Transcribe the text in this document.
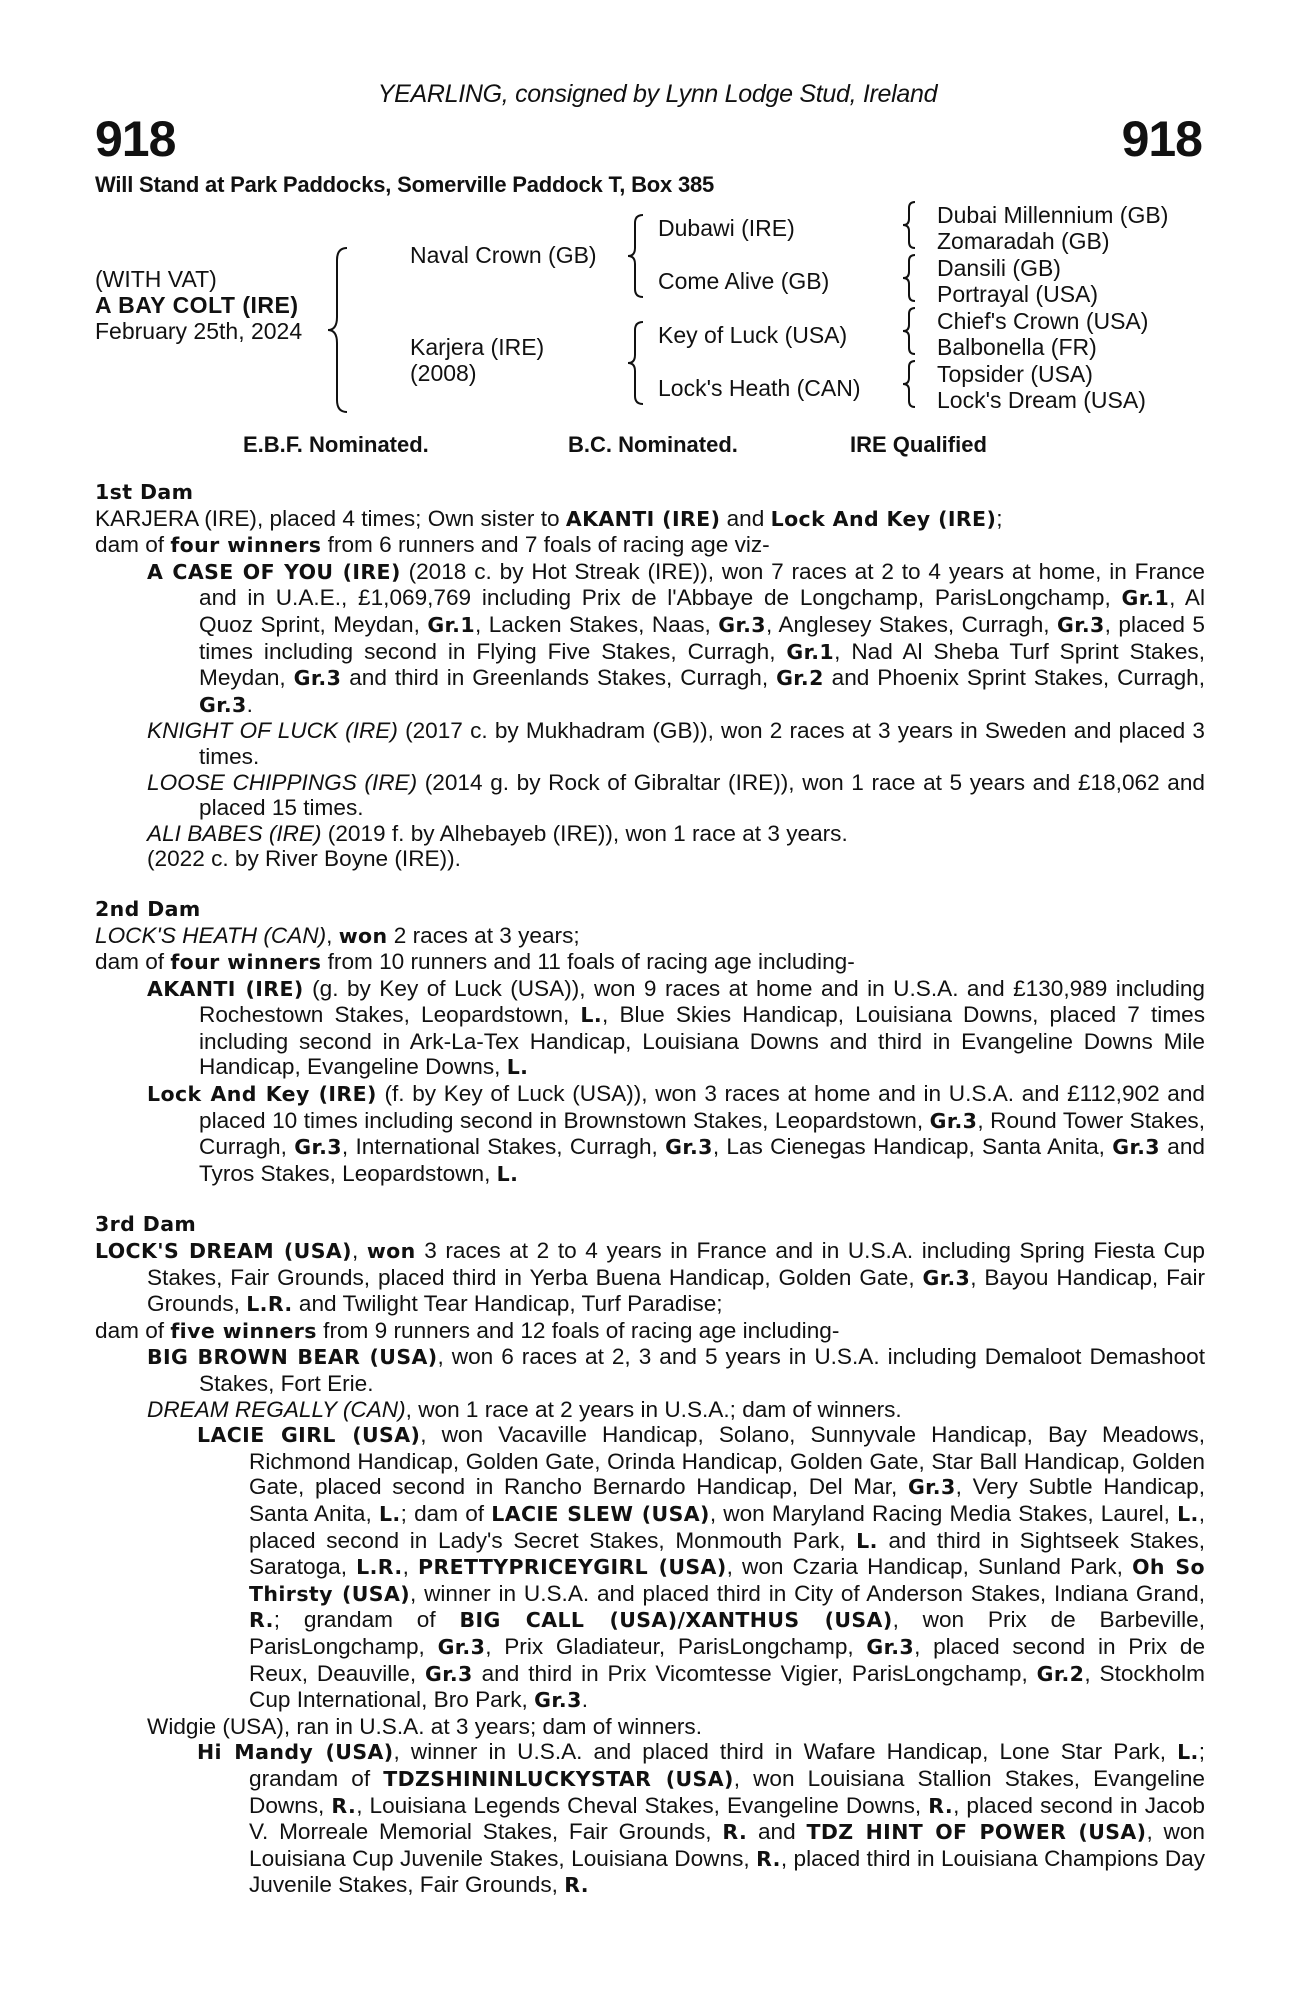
YEARLING, consigned by Lynn Lodge Stud, Ireland
918	918
Will Stand at Park Paddocks, Somerville Paddock T, Box 385
(WITH VAT)
A BAY COLT (IRE)
February 25th, 2024
Naval Crown (GB)
Karjera (IRE)
(2008)
Dubawi (IRE)
Come Alive (GB)
Key of Luck (USA)
Lock's Heath (CAN)
Dubai Millennium (GB)
Zomaradah (GB)
Dansili (GB)
Portrayal (USA)
Chief's Crown (USA)
Balbonella (FR)
Topsider (USA)
Lock's Dream (USA)
E.B.F. Nominated.	B.C. Nominated.	IRE Qualified
1st Dam
KARJERA (IRE), placed 4 times; Own sister to AKANTI (IRE) and Lock And Key (IRE);
dam of four winners from 6 runners and 7 foals of racing age viz-
A CASE OF YOU (IRE) (2018 c. by Hot Streak (IRE)), won 7 races at 2 to 4 years at home, in France and in U.A.E., £1,069,769 including Prix de l'Abbaye de Longchamp, ParisLongchamp, Gr.1, Al Quoz Sprint, Meydan, Gr.1, Lacken Stakes, Naas, Gr.3, Anglesey Stakes, Curragh, Gr.3, placed 5 times including second in Flying Five Stakes, Curragh, Gr.1, Nad Al Sheba Turf Sprint Stakes, Meydan, Gr.3 and third in Greenlands Stakes, Curragh, Gr.2 and Phoenix Sprint Stakes, Curragh, Gr.3.
KNIGHT OF LUCK (IRE) (2017 c. by Mukhadram (GB)), won 2 races at 3 years in Sweden and placed 3 times.
LOOSE CHIPPINGS (IRE) (2014 g. by Rock of Gibraltar (IRE)), won 1 race at 5 years and £18,062 and placed 15 times.
ALI BABES (IRE) (2019 f. by Alhebayeb (IRE)), won 1 race at 3 years.
(2022 c. by River Boyne (IRE)).
2nd Dam
LOCK'S HEATH (CAN), won 2 races at 3 years;
dam of four winners from 10 runners and 11 foals of racing age including-
AKANTI (IRE) (g. by Key of Luck (USA)), won 9 races at home and in U.S.A. and £130,989 including Rochestown Stakes, Leopardstown, L., Blue Skies Handicap, Louisiana Downs, placed 7 times including second in Ark-La-Tex Handicap, Louisiana Downs and third in Evangeline Downs Mile Handicap, Evangeline Downs, L.
Lock And Key (IRE) (f. by Key of Luck (USA)), won 3 races at home and in U.S.A. and £112,902 and placed 10 times including second in Brownstown Stakes, Leopardstown, Gr.3, Round Tower Stakes, Curragh, Gr.3, International Stakes, Curragh, Gr.3, Las Cienegas Handicap, Santa Anita, Gr.3 and Tyros Stakes, Leopardstown, L.
3rd Dam
LOCK'S DREAM (USA), won 3 races at 2 to 4 years in France and in U.S.A. including Spring Fiesta Cup Stakes, Fair Grounds, placed third in Yerba Buena Handicap, Golden Gate, Gr.3, Bayou Handicap, Fair Grounds, L.R. and Twilight Tear Handicap, Turf Paradise;
dam of five winners from 9 runners and 12 foals of racing age including-
BIG BROWN BEAR (USA), won 6 races at 2, 3 and 5 years in U.S.A. including Demaloot Demashoot Stakes, Fort Erie.
DREAM REGALLY (CAN), won 1 race at 2 years in U.S.A.; dam of winners.
LACIE GIRL (USA), won Vacaville Handicap, Solano, Sunnyvale Handicap, Bay Meadows, Richmond Handicap, Golden Gate, Orinda Handicap, Golden Gate, Star Ball Handicap, Golden Gate, placed second in Rancho Bernardo Handicap, Del Mar, Gr.3, Very Subtle Handicap, Santa Anita, L.; dam of LACIE SLEW (USA), won Maryland Racing Media Stakes, Laurel, L., placed second in Lady's Secret Stakes, Monmouth Park, L. and third in Sightseek Stakes, Saratoga, L.R., PRETTYPRICEYGIRL (USA), won Czaria Handicap, Sunland Park, Oh So Thirsty (USA), winner in U.S.A. and placed third in City of Anderson Stakes, Indiana Grand, R.; grandam of BIG CALL (USA)/XANTHUS (USA), won Prix de Barbeville, ParisLongchamp, Gr.3, Prix Gladiateur, ParisLongchamp, Gr.3, placed second in Prix de Reux, Deauville, Gr.3 and third in Prix Vicomtesse Vigier, ParisLongchamp, Gr.2, Stockholm Cup International, Bro Park, Gr.3.
Widgie (USA), ran in U.S.A. at 3 years; dam of winners.
Hi Mandy (USA), winner in U.S.A. and placed third in Wafare Handicap, Lone Star Park, L.; grandam of TDZSHININLUCKYSTAR (USA), won Louisiana Stallion Stakes, Evangeline Downs, R., Louisiana Legends Cheval Stakes, Evangeline Downs, R., placed second in Jacob V. Morreale Memorial Stakes, Fair Grounds, R. and TDZ HINT OF POWER (USA), won Louisiana Cup Juvenile Stakes, Louisiana Downs, R., placed third in Louisiana Champions Day Juvenile Stakes, Fair Grounds, R.
